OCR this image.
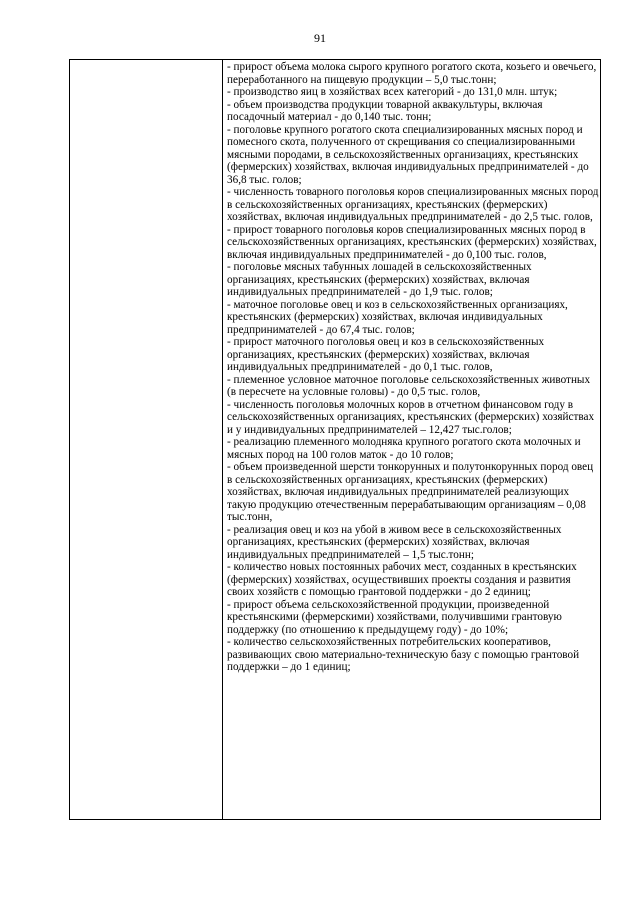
91

- прирост объема молока сырого крупного рогатого скота, козьего и овечьего, переработанного на пищевую продукции – 5,0 тыс.тонн;

- производство яиц в хозяйствах всех категорий - до 131,0 млн. штук;

- объем производства продукции товарной аквакультуры, включая посадочный материал - до 0,140 тыс. тонн;

- поголовье крупного рогатого скота специализированных мясных пород и помесного скота, полученного от скрещивания со специализированными мясными породами, в сельскохозяйственных организациях, крестьянских (фермерских) хозяйствах, включая индивидуальных предпринимателей - до 36,8 тыс. голов;

- численность товарного поголовья коров специализированных мясных пород в сельскохозяйственных организациях, крестьянских (фермерских) хозяйствах, включая индивидуальных предпринимателей - до 2,5 тыс. голов,

- прирост товарного поголовья коров специализированных мясных пород в сельскохозяйственных организациях, крестьянских (фермерских) хозяйствах, включая индивидуальных предпринимателей - до 0,100 тыс. голов,

- поголовье мясных табунных лошадей в сельскохозяйственных организациях, крестьянских (фермерских) хозяйствах, включая индивидуальных предпринимателей - до 1,9 тыс. голов;

- маточное поголовье овец и коз в сельскохозяйственных организациях, крестьянских (фермерских) хозяйствах, включая индивидуальных предпринимателей - до 67,4 тыс. голов;

- прирост маточного поголовья овец и коз в сельскохозяйственных организациях, крестьянских (фермерских) хозяйствах, включая индивидуальных предпринимателей - до 0,1 тыс. голов,

- племенное условное маточное поголовье сельскохозяйственных животных (в пересчете на условные головы) - до 0,5 тыс. голов,

- численность поголовья молочных коров в отчетном финансовом году в сельскохозяйственных организациях, крестьянских (фермерских) хозяйствах и у индивидуальных предпринимателей – 12,427 тыс.голов;

- реализацию племенного молодняка крупного рогатого скота молочных и мясных пород на 100 голов маток - до 10 голов;

- объем произведенной шерсти тонкорунных и полутонкорунных пород овец в сельскохозяйственных организациях, крестьянских (фермерских) хозяйствах, включая индивидуальных предпринимателей реализующих такую продукцию отечественным перерабатывающим организациям – 0,08 тыс.тонн,

- реализация овец и коз на убой в живом весе в сельскохозяйственных организациях, крестьянских (фермерских) хозяйствах, включая индивидуальных предпринимателей – 1,5 тыс.тонн;

- количество новых постоянных рабочих мест, созданных в крестьянских (фермерских) хозяйствах, осуществивших проекты создания и развития своих хозяйств с помощью грантовой поддержки - до 2 единиц;

- прирост объема сельскохозяйственной продукции, произведенной крестьянскими (фермерскими) хозяйствами, получившими грантовую поддержку (по отношению к предыдущему году) - до 10%;

- количество сельскохозяйственных потребительских кооперативов, развивающих свою материально-техническую базу с помощью грантовой поддержки – до 1 единиц;
